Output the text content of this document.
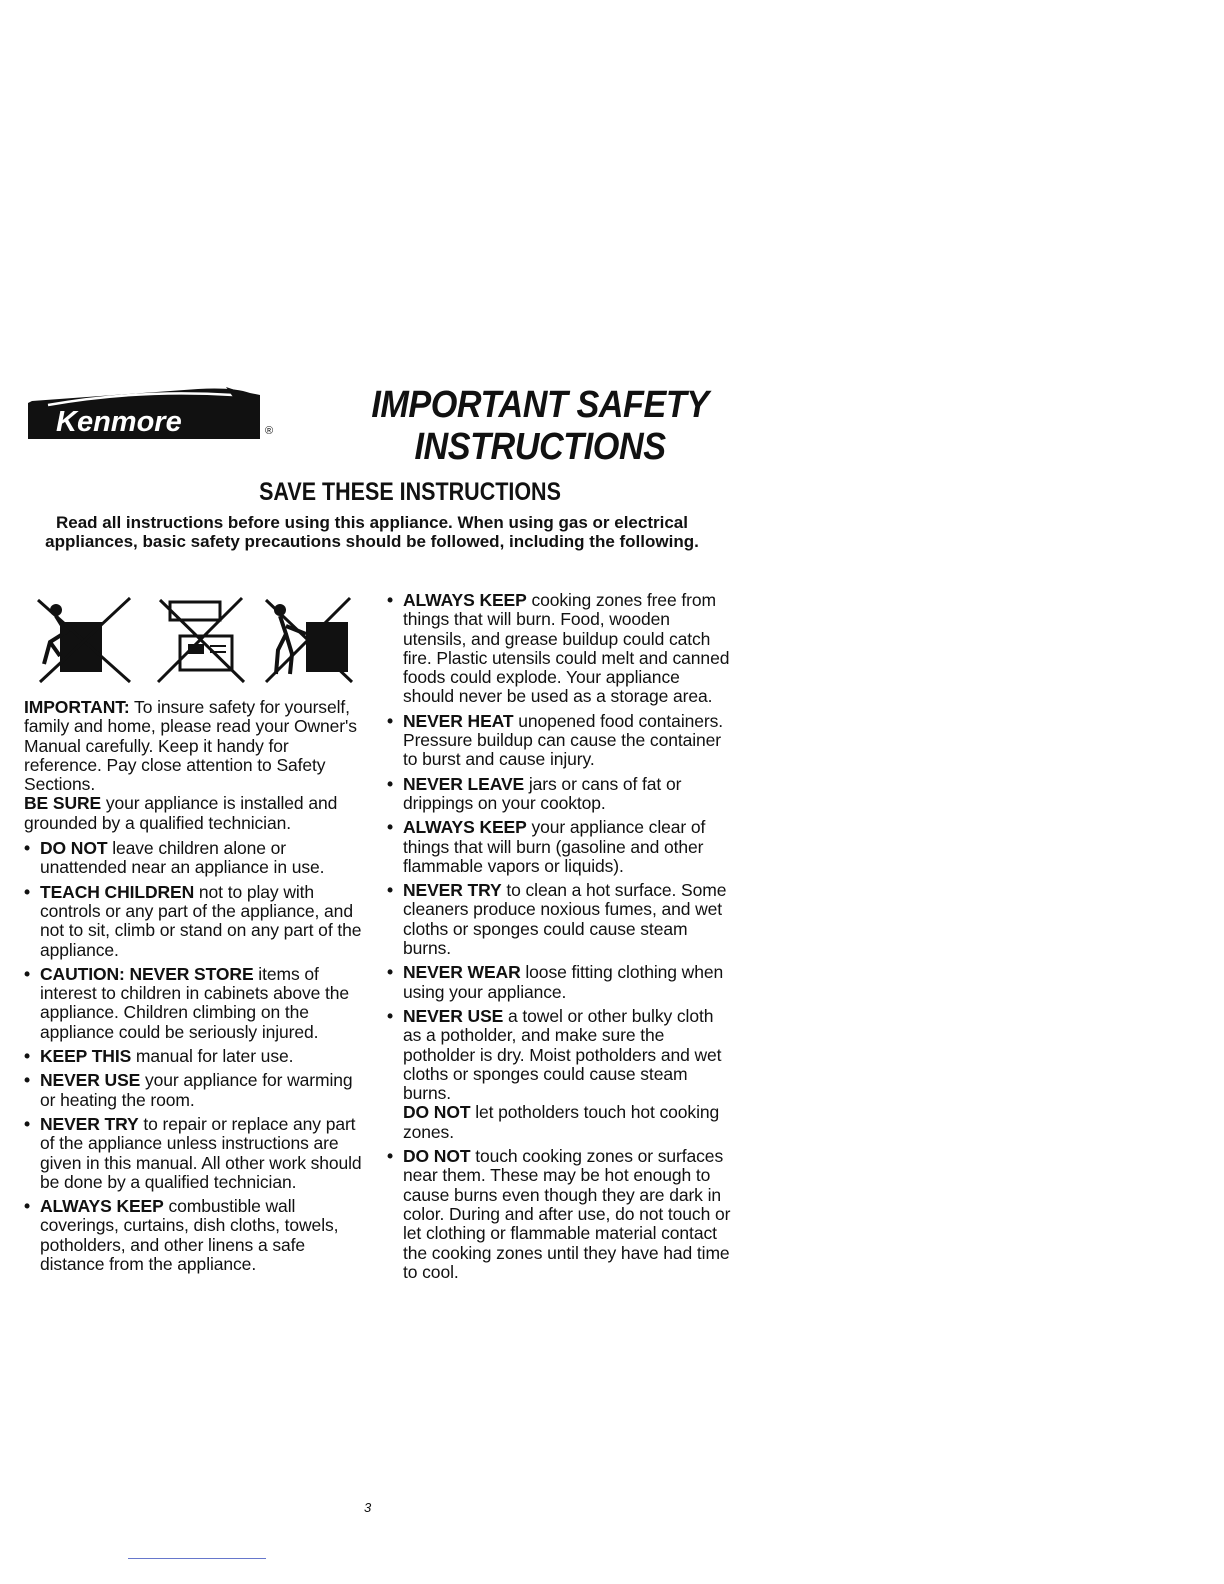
Kenmore	®
IMPORTANT SAFETY
INSTRUCTIONS
SAVE THESE INSTRUCTIONS

Read all instructions before using this appliance. When using gas or electrical appliances, basic safety precautions should be followed, including the following.

IMPORTANT: To insure safety for yourself, family and home, please read your Owner's Manual carefully. Keep it handy for reference. Pay close attention to Safety Sections.
BE SURE your appliance is installed and grounded by a qualified technician.

• DO NOT leave children alone or unattended near an appliance in use.
• TEACH CHILDREN not to play with controls or any part of the appliance, and not to sit, climb or stand on any part of the appliance.
• CAUTION: NEVER STORE items of interest to children in cabinets above the appliance. Children climbing on the appliance could be seriously injured.
• KEEP THIS manual for later use.
• NEVER USE your appliance for warming or heating the room.
• NEVER TRY to repair or replace any part of the appliance unless instructions are given in this manual. All other work should be done by a qualified technician.
• ALWAYS KEEP combustible wall coverings, curtains, dish cloths, towels, potholders, and other linens a safe distance from the appliance.
• ALWAYS KEEP cooking zones free from things that will burn. Food, wooden utensils, and grease buildup could catch fire. Plastic utensils could melt and canned foods could explode. Your appliance should never be used as a storage area.
• NEVER HEAT unopened food containers. Pressure buildup can cause the container to burst and cause injury.
• NEVER LEAVE jars or cans of fat or drippings on your cooktop.
• ALWAYS KEEP your appliance clear of things that will burn (gasoline and other flammable vapors or liquids).
• NEVER TRY to clean a hot surface. Some cleaners produce noxious fumes, and wet cloths or sponges could cause steam burns.
• NEVER WEAR loose fitting clothing when using your appliance.
• NEVER USE a towel or other bulky cloth as a potholder, and make sure the potholder is dry. Moist potholders and wet cloths or sponges could cause steam burns.
DO NOT let potholders touch hot cooking zones.
• DO NOT touch cooking zones or surfaces near them. These may be hot enough to cause burns even though they are dark in color. During and after use, do not touch or let clothing or flammable material contact the cooking zones until they have had time to cool.
3
